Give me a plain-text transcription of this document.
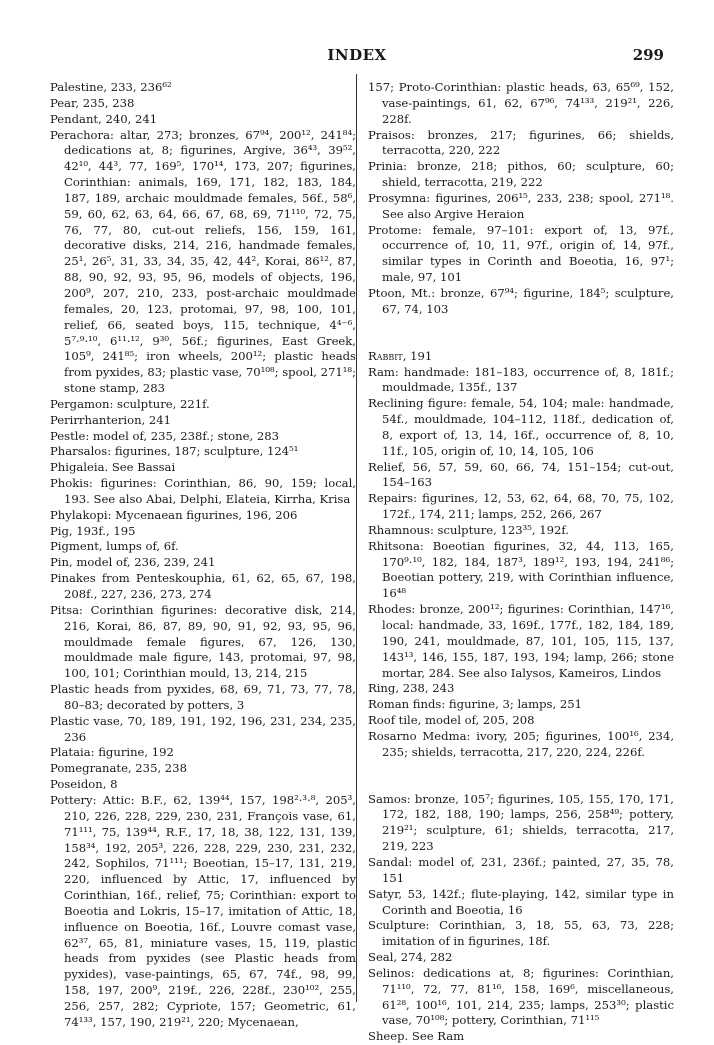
INDEX	299

Palestine, 233, 236⁶²

Pear, 235, 238

Pendant, 240, 241

Perachora: altar, 273; bronzes, 67⁹⁴, 200¹², 241⁸⁴; dedications at, 8; figurines, Argive, 36⁴³, 39⁵², 42¹⁰, 44³, 77, 169⁵, 170¹⁴, 173, 207; figurines, Corinthian: animals, 169, 171, 182, 183, 184, 187, 189, archaic mouldmade females, 56f., 58⁶, 59, 60, 62, 63, 64, 66, 67, 68, 69, 71¹¹⁰, 72, 75, 76, 77, 80, cut-out reliefs, 156, 159, 161, decorative disks, 214, 216, handmade females, 25¹, 26⁵, 31, 33, 34, 35, 42, 44², Korai, 86¹², 87, 88, 90, 92, 93, 95, 96, models of objects, 196, 200⁹, 207, 210, 233, post-archaic mouldmade females, 20, 123, protomai, 97, 98, 100, 101, relief, 66, seated boys, 115, technique, 4⁴⁻⁶, 5⁷·⁹·¹⁰, 6¹¹·¹², 9³⁰, 56f.; figurines, East Greek, 105⁹, 241⁸⁵; iron wheels, 200¹²; plastic heads from pyxides, 83; plastic vase, 70¹⁰⁸; spool, 271¹⁸; stone stamp, 283

Pergamon: sculpture, 221f.

Perirrhanterion, 241

Pestle: model of, 235, 238f.; stone, 283

Pharsalos: figurines, 187; sculpture, 124⁵¹

Phigaleia. See Bassai

Phokis: figurines: Corinthian, 86, 90, 159; local, 193. See also Abai, Delphi, Elateia, Kirrha, Krisa

Phylakopi: Mycenaean figurines, 196, 206

Pig, 193f., 195

Pigment, lumps of, 6f.

Pin, model of, 236, 239, 241

Pinakes from Penteskouphia, 61, 62, 65, 67, 198, 208f., 227, 236, 273, 274

Pitsa: Corinthian figurines: decorative disk, 214, 216, Korai, 86, 87, 89, 90, 91, 92, 93, 95, 96, mouldmade female figures, 67, 126, 130, mouldmade male figure, 143, protomai, 97, 98, 100, 101; Corinthian mould, 13, 214, 215

Plastic heads from pyxides, 68, 69, 71, 73, 77, 78, 80–83; decorated by potters, 3

Plastic vase, 70, 189, 191, 192, 196, 231, 234, 235, 236

Plataia: figurine, 192

Pomegranate, 235, 238

Poseidon, 8

Pottery: Attic: B.F., 62, 139⁴⁴, 157, 198²·³·⁸, 205³, 210, 226, 228, 229, 230, 231, François vase, 61, 71¹¹¹, 75, 139⁴⁴, R.F., 17, 18, 38, 122, 131, 139, 158³⁴, 192, 205³, 226, 228, 229, 230, 231, 232, 242, Sophilos, 71¹¹¹; Boeotian, 15–17, 131, 219, 220, influenced by Attic, 17, influenced by Corinthian, 16f., relief, 75; Corinthian: export to Boeotia and Lokris, 15–17, imitation of Attic, 18, influence on Boeotia, 16f., Louvre comast vase, 62³⁷, 65, 81, miniature vases, 15, 119, plastic heads from pyxides (see Plastic heads from pyxides), vase-paintings, 65, 67, 74f., 98, 99, 158, 197, 200⁹, 219f., 226, 228f., 230¹⁰², 255, 256, 257, 282; Cypriote, 157; Geometric, 61, 74¹³³, 157, 190, 219²¹, 220; Mycenaean,

157; Proto-Corinthian: plastic heads, 63, 65⁶⁹, 152, vase-paintings, 61, 62, 67⁹⁶, 74¹³³, 219²¹, 226, 228f.

Praisos: bronzes, 217; figurines, 66; shields, terracotta, 220, 222

Prinia: bronze, 218; pithos, 60; sculpture, 60; shield, terracotta, 219, 222

Prosymna: figurines, 206¹⁵, 233, 238; spool, 271¹⁸. See also Argive Heraion

Protome: female, 97–101: export of, 13, 97f., occurrence of, 10, 11, 97f., origin of, 14, 97f., similar types in Corinth and Boeotia, 16, 97¹; male, 97, 101

Ptoon, Mt.: bronze, 67⁹⁴; figurine, 184⁵; sculpture, 67, 74, 103

Rabbit, 191

Ram: handmade: 181–183, occurrence of, 8, 181f.; mouldmade, 135f., 137

Reclining figure: female, 54, 104; male: handmade, 54f., mouldmade, 104–112, 118f., dedication of, 8, export of, 13, 14, 16f., occurrence of, 8, 10, 11f., 105, origin of, 10, 14, 105, 106

Relief, 56, 57, 59, 60, 66, 74, 151–154; cut-out, 154–163

Repairs: figurines, 12, 53, 62, 64, 68, 70, 75, 102, 172f., 174, 211; lamps, 252, 266, 267

Rhamnous: sculpture, 123³⁵, 192f.

Rhitsona: Boeotian figurines, 32, 44, 113, 165, 170⁹·¹⁰, 182, 184, 187³, 189¹², 193, 194, 241⁸⁶; Boeotian pottery, 219, with Corinthian influence, 16⁴⁸

Rhodes: bronze, 200¹²; figurines: Corinthian, 147¹⁶, local: handmade, 33, 169f., 177f., 182, 184, 189, 190, 241, mouldmade, 87, 101, 105, 115, 137, 143¹³, 146, 155, 187, 193, 194; lamp, 266; stone mortar, 284. See also Ialysos, Kameiros, Lindos

Ring, 238, 243

Roman finds: figurine, 3; lamps, 251

Roof tile, model of, 205, 208

Rosarno Medma: ivory, 205; figurines, 100¹⁶, 234, 235; shields, terracotta, 217, 220, 224, 226f.

Samos: bronze, 105⁷; figurines, 105, 155, 170, 171, 172, 182, 188, 190; lamps, 256, 258⁴⁹; pottery, 219²¹; sculpture, 61; shields, terracotta, 217, 219, 223

Sandal: model of, 231, 236f.; painted, 27, 35, 78, 151

Satyr, 53, 142f.; flute-playing, 142, similar type in Corinth and Boeotia, 16

Sculpture: Corinthian, 3, 18, 55, 63, 73, 228; imitation of in figurines, 18f.

Seal, 274, 282

Selinos: dedications at, 8; figurines: Corinthian, 71¹¹⁰, 72, 77, 81¹⁶, 158, 169⁶, miscellaneous, 61²⁸, 100¹⁶, 101, 214, 235; lamps, 253³⁰; plastic vase, 70¹⁰⁸; pottery, Corinthian, 71¹¹⁵

Sheep. See Ram
